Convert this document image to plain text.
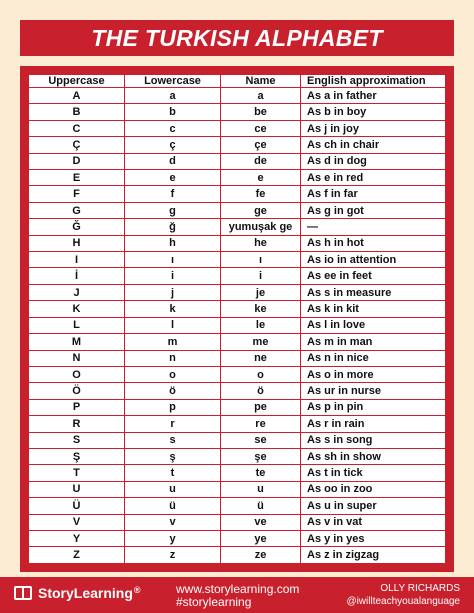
THE TURKISH ALPHABET
Uppercase	Lowercase	Name	English approximation
A	a	a	As a in father
B	b	be	As b in boy
C	c	ce	As j in joy
Ç	ç	çe	As ch in chair
D	d	de	As d in dog
E	e	e	As e in red
F	f	fe	As f in far
G	g	ge	As g in got
Ğ	ğ	yumuşak ge	—
H	h	he	As h in hot
I	ı	ı	As io in attention
İ	i	i	As ee in feet
J	j	je	As s in measure
K	k	ke	As k in kit
L	l	le	As l in love
M	m	me	As m in man
N	n	ne	As n in nice
O	o	o	As o in more
Ö	ö	ö	As ur in nurse
P	p	pe	As p in pin
R	r	re	As r in rain
S	s	se	As s in song
Ş	ş	şe	As sh in show
T	t	te	As t in tick
U	u	u	As oo in zoo
Ü	ü	ü	As u in super
V	v	ve	As v in vat
Y	y	ye	As y in yes
Z	z	ze	As z in zigzag
StoryLearning®	www.storylearning.com
#storylearning
OLLY RICHARDS
@iwillteachyoualanguage
